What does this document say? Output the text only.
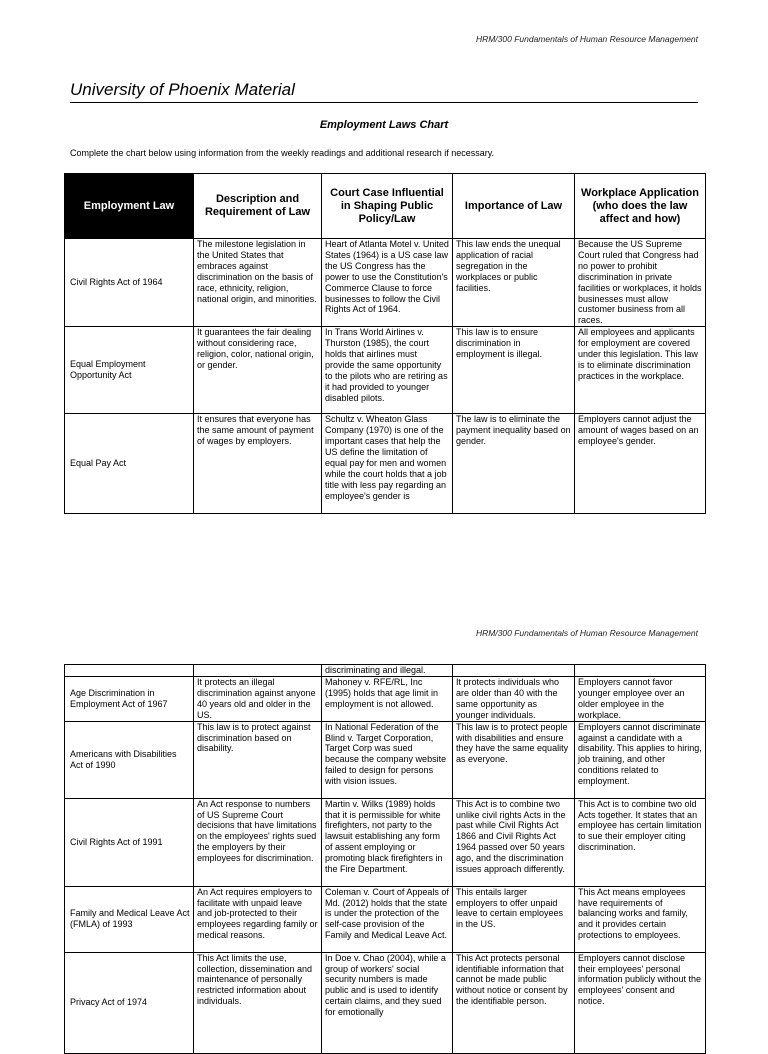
HRM/300 Fundamentals of Human Resource Management
University of Phoenix Material
Employment Laws Chart
Complete the chart below using information from the weekly readings and additional research if necessary.
Employment Law	Description and Requirement of Law	Court Case Influential in Shaping Public Policy/Law	Importance of Law	Workplace Application (who does the law affect and how)
Civil Rights Act of 1964	The milestone legislation in the United States that embraces against discrimination on the basis of race, ethnicity, religion, national origin, and minorities.	Heart of Atlanta Motel v. United States (1964) is a US case law the US Congress has the power to use the Constitution's Commerce Clause to force businesses to follow the Civil Rights Act of 1964.	This law ends the unequal application of racial segregation in the workplaces or public facilities.	Because the US Supreme Court ruled that Congress had no power to prohibit discrimination in private facilities or workplaces, it holds businesses must allow customer business from all races.
Equal Employment Opportunity Act	It guarantees the fair dealing without considering race, religion, color, national origin, or gender.	In Trans World Airlines v. Thurston (1985), the court holds that airlines must provide the same opportunity to the pilots who are retiring as it had provided to younger disabled pilots.	This law is to ensure discrimination in employment is illegal.	All employees and applicants for employment are covered under this legislation. This law is to eliminate discrimination practices in the workplace.
Equal Pay Act	It ensures that everyone has the same amount of payment of wages by employers.	Schultz v. Wheaton Glass Company (1970) is one of the important cases that help the US define the limitation of equal pay for men and women while the court holds that a job title with less pay regarding an employee's gender is	The law is to eliminate the payment inequality based on gender.	Employers cannot adjust the amount of wages based on an employee's gender.
HRM/300 Fundamentals of Human Resource Management
		discriminating and illegal.		
Age Discrimination in Employment Act of 1967	It protects an illegal discrimination against anyone 40 years old and older in the US.	Mahoney v. RFE/RL, Inc (1995) holds that age limit in employment is not allowed.	It protects individuals who are older than 40 with the same opportunity as younger individuals.	Employers cannot favor younger employee over an older employee in the workplace.
Americans with Disabilities Act of 1990	This law is to protect against discrimination based on disability.	In National Federation of the Blind v. Target Corporation, Target Corp was sued because the company website failed to design for persons with vision issues.	This law is to protect people with disabilities and ensure they have the same equality as everyone.	Employers cannot discriminate against a candidate with a disability. This applies to hiring, job training, and other conditions related to employment.
Civil Rights Act of 1991	An Act response to numbers of US Supreme Court decisions that have limitations on the employees' rights sued the employers by their employees for discrimination.	Martin v. Wilks (1989) holds that it is permissible for white firefighters, not party to the lawsuit establishing any form of assent employing or promoting black firefighters in the Fire Department.	This Act is to combine two unlike civil rights Acts in the past while Civil Rights Act 1866 and Civil Rights Act 1964 passed over 50 years ago, and the discrimination issues approach differently.	This Act is to combine two old Acts together. It states that an employee has certain limitation to sue their employer citing discrimination.
Family and Medical Leave Act (FMLA) of 1993	An Act requires employers to facilitate with unpaid leave and job-protected to their employees regarding family or medical reasons.	Coleman v. Court of Appeals of Md. (2012) holds that the state is under the protection of the self-case provision of the Family and Medical Leave Act.	This entails larger employers to offer unpaid leave to certain employees in the US.	This Act means employees have requirements of balancing works and family, and it provides certain protections to employees.
Privacy Act of 1974	This Act limits the use, collection, dissemination and maintenance of personally restricted information about individuals.	In Doe v. Chao (2004), while a group of workers' social security numbers is made public and is used to identify certain claims, and they sued for emotionally	This Act protects personal identifiable information that cannot be made public without notice or consent by the identifiable person.	Employers cannot disclose their employees' personal information publicly without the employees' consent and notice.
